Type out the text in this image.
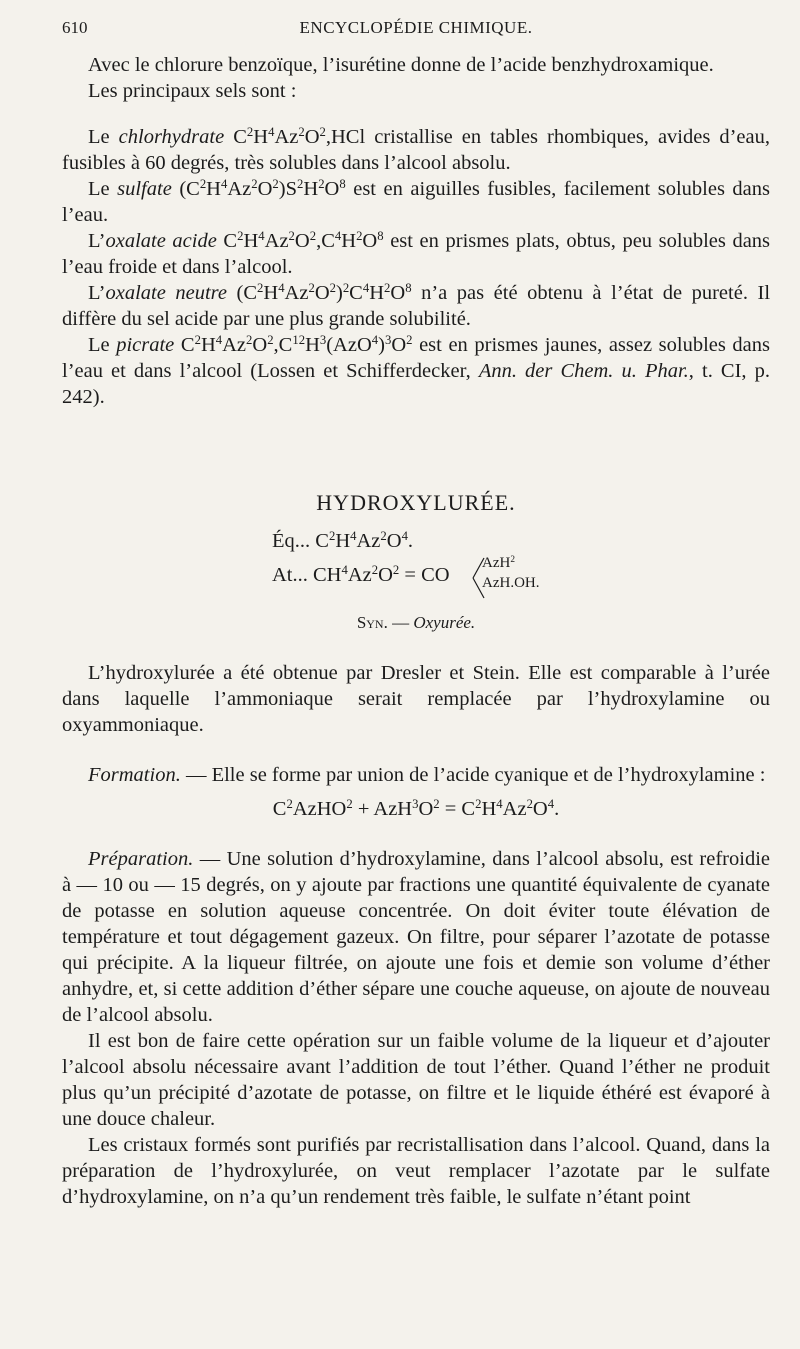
610	ENCYCLOPÉDIE CHIMIQUE.

Avec le chlorure benzoïque, l’isurétine donne de l’acide benzhydroxamique.

Les principaux sels sont :

Le chlorhydrate $C^2H^4Az^2O^2,HCl$ cristallise en tables rhombiques, avides d’eau, fusibles à 60 degrés, très solubles dans l’alcool absolu.

Le sulfate $(C^2H^4Az^2O^2)S^2H^2O^8$ est en aiguilles fusibles, facilement solubles dans l’eau.

L’oxalate acide $C^2H^4Az^2O^2,C^4H^2O^8$ est en prismes plats, obtus, peu solubles dans l’eau froide et dans l’alcool.

L’oxalate neutre $(C^2H^4Az^2O^2)^2C^4H^2O^8$ n’a pas été obtenu à l’état de pureté. Il diffère du sel acide par une plus grande solubilité.

Le picrate $C^2H^4Az^2O^2,C^{12}H^3(AzO^4)^3O^2$ est en prismes jaunes, assez solubles dans l’eau et dans l’alcool (Lossen et Schifferdecker, Ann. der Chem. u. Phar., t. CI, p. 242).

HYDROXYLURÉE.
Éq... $C^2H^4Az^2O^4$.
At... $CH^4Az^2O^2$ = CO
AzH$^2$
AzH.OH.
Syn. — Oxyurée.

L’hydroxylurée a été obtenue par Dresler et Stein. Elle est comparable à l’urée dans laquelle l’ammoniaque serait remplacée par l’hydroxylamine ou oxyammoniaque.

Formation. — Elle se forme par union de l’acide cyanique et de l’hydroxylamine :

$C^2AzHO^2 + AzH^3O^2 = C^2H^4Az^2O^4$.

Préparation. — Une solution d’hydroxylamine, dans l’alcool absolu, est refroidie à — 10 ou — 15 degrés, on y ajoute par fractions une quantité équivalente de cyanate de potasse en solution aqueuse concentrée. On doit éviter toute élévation de température et tout dégagement gazeux. On filtre, pour séparer l’azotate de potasse qui précipite. A la liqueur filtrée, on ajoute une fois et demie son volume d’éther anhydre, et, si cette addition d’éther sépare une couche aqueuse, on ajoute de nouveau de l’alcool absolu.

Il est bon de faire cette opération sur un faible volume de la liqueur et d’ajouter l’alcool absolu nécessaire avant l’addition de tout l’éther. Quand l’éther ne produit plus qu’un précipité d’azotate de potasse, on filtre et le liquide éthéré est évaporé à une douce chaleur.

Les cristaux formés sont purifiés par recristallisation dans l’alcool. Quand, dans la préparation de l’hydroxylurée, on veut remplacer l’azotate par le sulfate d’hydroxylamine, on n’a qu’un rendement très faible, le sulfate n’étant point
